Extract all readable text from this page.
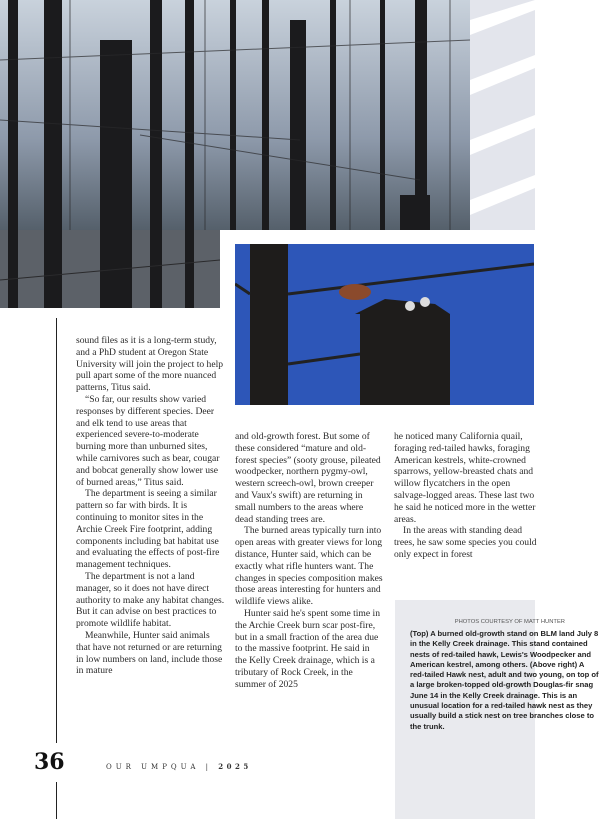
sound files as it is a long-term study, and a PhD student at Oregon State University will join the project to help pull apart some of the more nuanced patterns, Titus said.

“So far, our results show varied responses by different species. Deer and elk tend to use areas that experienced severe-to-moderate burning more than unburned sites, while carnivores such as bear, cougar and bobcat generally show lower use of burned areas,” Titus said.

The department is seeing a similar pattern so far with birds. It is continuing to monitor sites in the Archie Creek Fire footprint, adding components including bat habitat use and evaluating the effects of post-fire management techniques.

The department is not a land manager, so it does not have direct authority to make any habitat changes. But it can advise on best practices to promote wildlife habitat.

Meanwhile, Hunter said animals that have not returned or are returning in low numbers on land, include those in mature

and old-growth forest. But some of these considered “mature and old-forest species” (sooty grouse, pileated woodpecker, northern pygmy-owl, western screech-owl, brown creeper and Vaux's swift) are returning in small numbers to the areas where dead standing trees are.

The burned areas typically turn into open areas with greater views for long distance, Hunter said, which can be exactly what rifle hunters want. The changes in species composition makes those areas interesting for hunters and wildlife views alike.

Hunter said he's spent some time in the Archie Creek burn scar post-fire, but in a small fraction of the area due to the massive footprint. He said in the Kelly Creek drainage, which is a tributary of Rock Creek, in the summer of 2025

he noticed many California quail, foraging red-tailed hawks, foraging American kestrels, white-crowned sparrows, yellow-breasted chats and willow flycatchers in the open salvage-logged areas. These last two he said he noticed more in the wetter areas.

In the areas with standing dead trees, he saw some species you could only expect in forest

PHOTOS COURTESY OF MATT HUNTER
(Top) A burned old-growth stand on BLM land July 8 in the Kelly Creek drainage. This stand contained nests of red-tailed hawk, Lewis's Woodpecker and American kestrel, among others. (Above right) A red-tailed Hawk nest, adult and two young, on top of a large broken-topped old-growth Douglas-fir snag June 14 in the Kelly Creek drainage. This is an unusual location for a red-tailed hawk nest as they usually build a stick nest on tree branches close to the trunk.
36	OUR UMPQUA | 2025
